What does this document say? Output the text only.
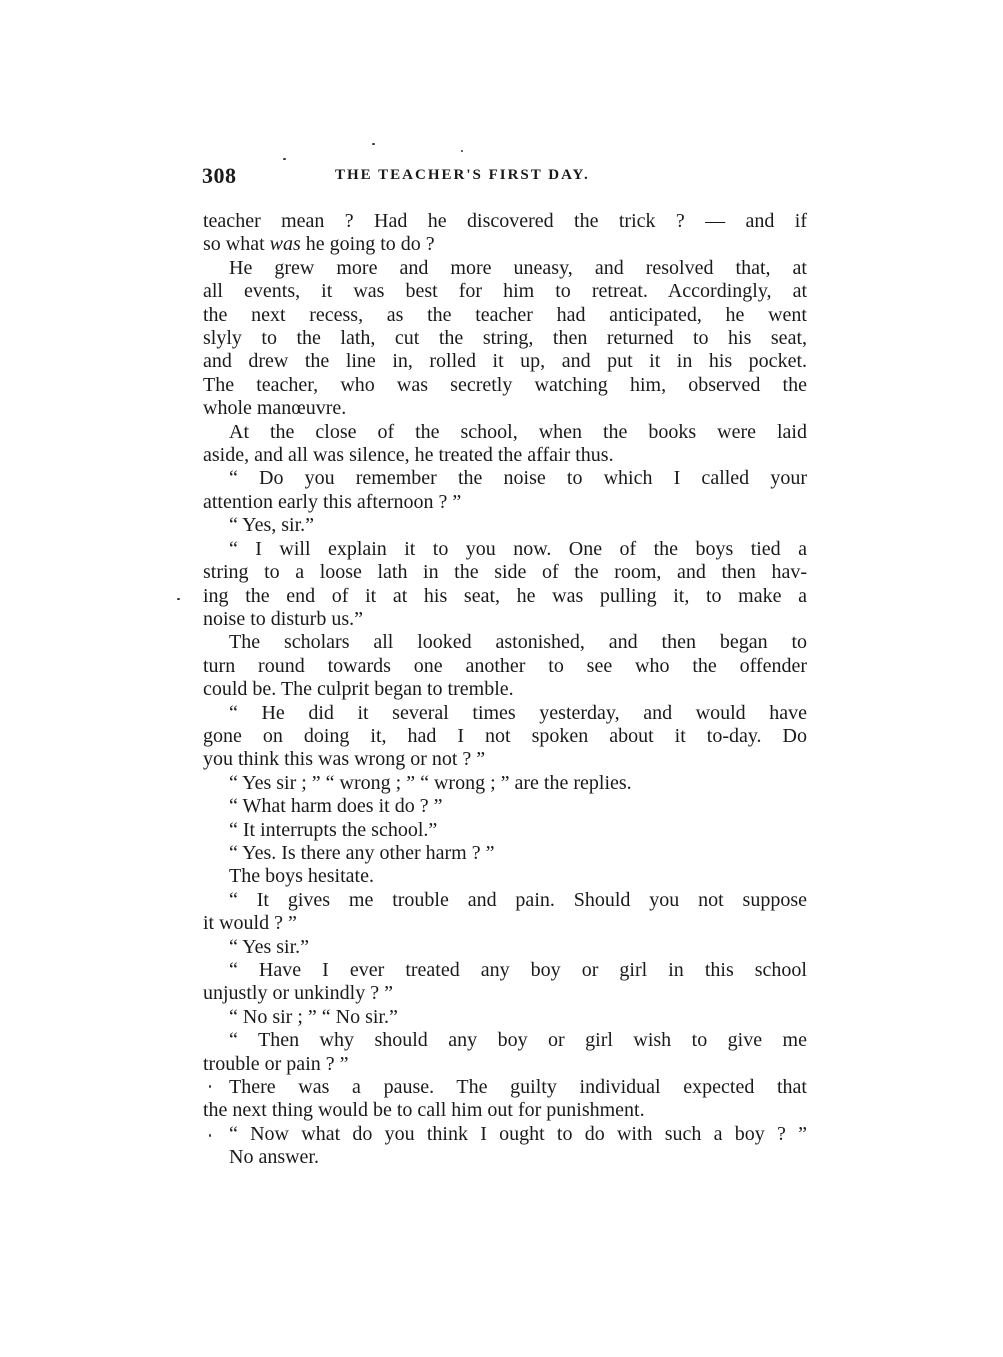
308	THE TEACHER'S FIRST DAY.
teacher mean ? Had he discovered the trick ? — and if
so what was he going to do ?
He grew more and more uneasy, and resolved that, at
all events, it was best for him to retreat. Accordingly, at
the next recess, as the teacher had anticipated, he went
slyly to the lath, cut the string, then returned to his seat,
and drew the line in, rolled it up, and put it in his pocket.
The teacher, who was secretly watching him, observed the
whole manœuvre.
At the close of the school, when the books were laid
aside, and all was silence, he treated the affair thus.
“ Do you remember the noise to which I called your
attention early this afternoon ? ”
“ Yes, sir.”
“ I will explain it to you now. One of the boys tied a
string to a loose lath in the side of the room, and then hav-
ing the end of it at his seat, he was pulling it, to make a
noise to disturb us.”
The scholars all looked astonished, and then began to
turn round towards one another to see who the offender
could be. The culprit began to tremble.
“ He did it several times yesterday, and would have
gone on doing it, had I not spoken about it to-day. Do
you think this was wrong or not ? ”
“ Yes sir ; ” “ wrong ; ” “ wrong ; ” are the replies.
“ What harm does it do ? ”
“ It interrupts the school.”
“ Yes. Is there any other harm ? ”
The boys hesitate.
“ It gives me trouble and pain. Should you not suppose
it would ? ”
“ Yes sir.”
“ Have I ever treated any boy or girl in this school
unjustly or unkindly ? ”
“ No sir ; ” “ No sir.”
“ Then why should any boy or girl wish to give me
trouble or pain ? ”
There was a pause. The guilty individual expected that
the next thing would be to call him out for punishment.
“ Now what do you think I ought to do with such a boy ? ”
No answer.
